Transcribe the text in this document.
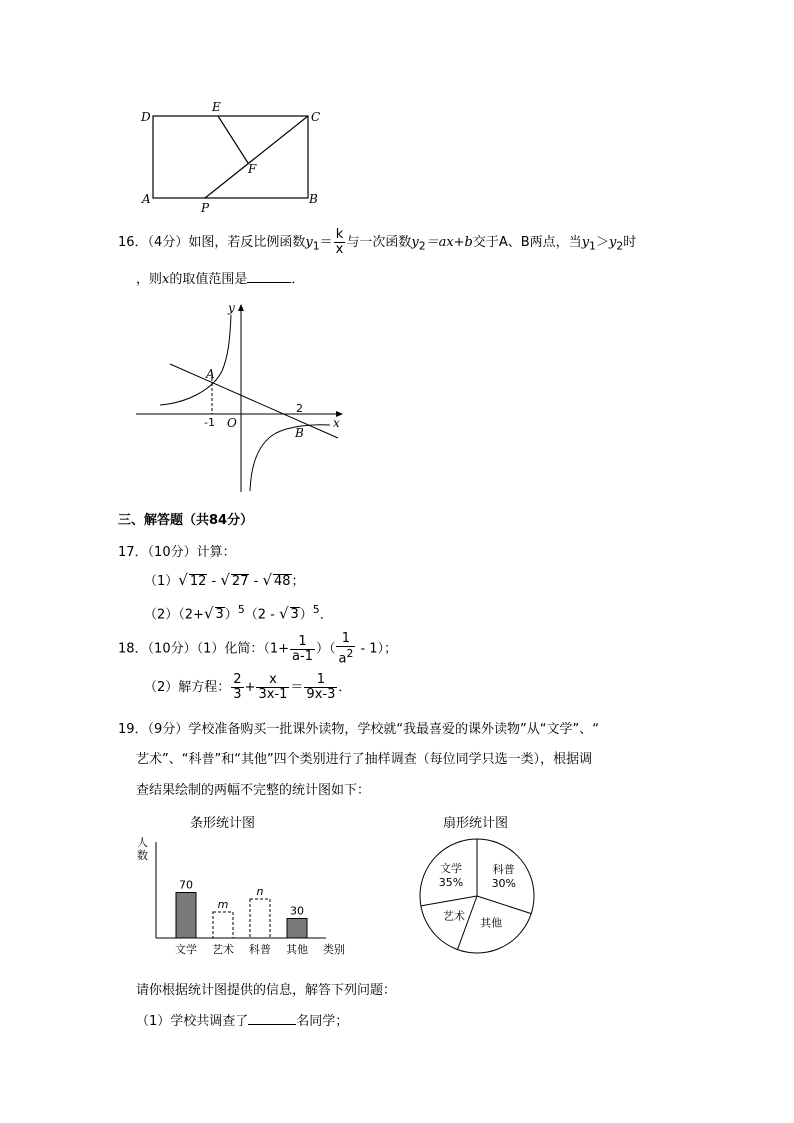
D
E
C
F
A
P
B
16．（4分）如图，若反比例函数$y_1= \frac{k}{x}$ 与一次函数$y_2=ax+b$交于A、B两点，当$y_1>y_2$时
，则x的取值范围是	．
y
x
A
B
O
-1
2
三、解答题（共84分）
17．（10分）计算：
（1）√ 12 - √ 27 - √ 48；
（2）（2+√ 3）$^5$（2 - √ 3）$^5$．
18．（10分）（1）化简：（$1+ \frac{1}{a-1}$ ）（ $\frac{1}{a^2} - 1$）；
（2）解方程： $\frac{2}{3} + \frac{x}{3x-1} = \frac{1}{9x-3}$ ．
19．（9分）学校准备购买一批课外读物，学校就“我最喜爱的课外读物”从“文学”、“
艺术”、“科普”和“其他”四个类别进行了抽样调查（每位同学只选一类），根据调
查结果绘制的两幅不完整的统计图如下：
条形统计图
人
数
类别
70
文学
m
艺术
n
科普
30
其他
扇形统计图
文学
35%
科普
30%
其他
艺术
请你根据统计图提供的信息，解答下列问题：
（1）学校共调查了	名同学；
